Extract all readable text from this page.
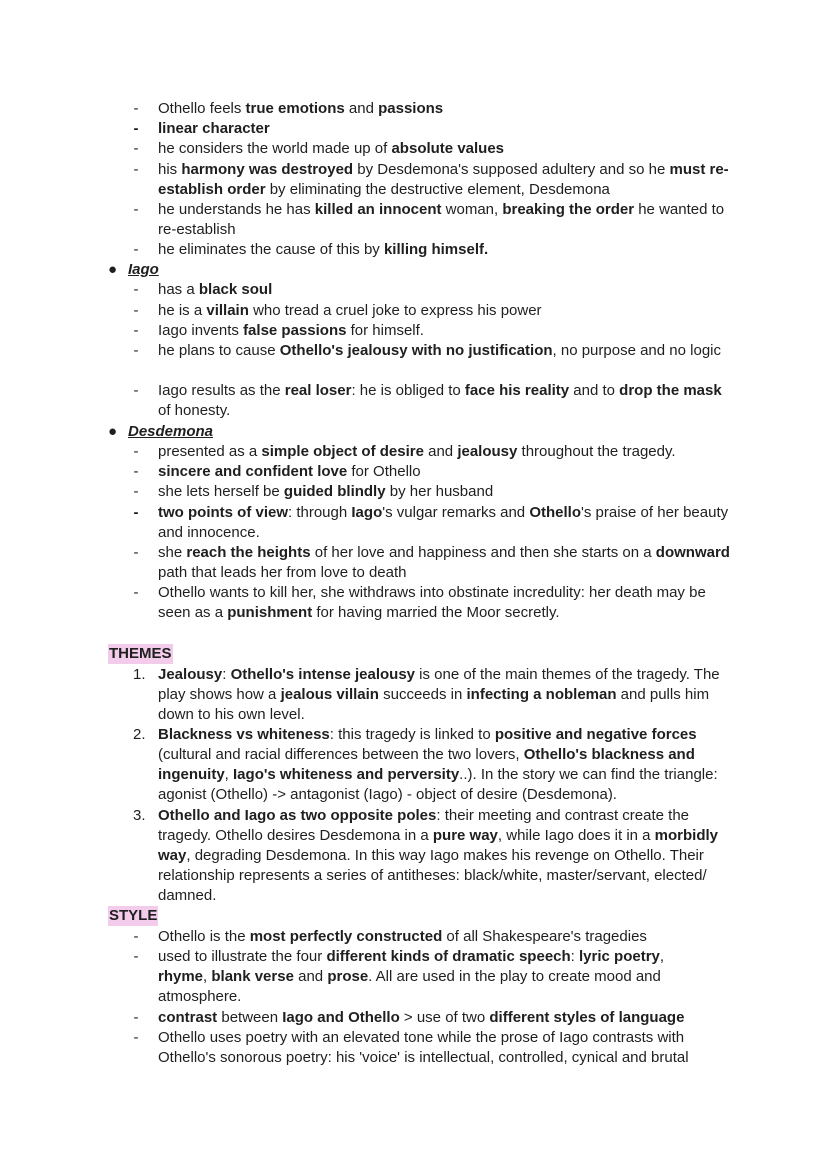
- Othello feels true emotions and passions
- linear character
- he considers the world made up of absolute values
- his harmony was destroyed by Desdemona's supposed adultery and so he must re-establish order by eliminating the destructive element, Desdemona
- he understands he has killed an innocent woman, breaking the order he wanted to re-establish
- he eliminates the cause of this by killing himself.
● Iago
- has a black soul
- he is a villain who tread a cruel joke to express his power
- Iago invents false passions for himself.
- he plans to cause Othello's jealousy with no justification, no purpose and no logic
- Iago results as the real loser: he is obliged to face his reality and to drop the mask of honesty.
● Desdemona
- presented as a simple object of desire and jealousy throughout the tragedy.
- sincere and confident love for Othello
- she lets herself be guided blindly by her husband
- two points of view: through Iago's vulgar remarks and Othello's praise of her beauty and innocence.
- she reach the heights of her love and happiness and then she starts on a downward path that leads her from love to death
- Othello wants to kill her, she withdraws into obstinate incredulity: her death may be seen as a punishment for having married the Moor secretly.
THEMES
1. Jealousy: Othello's intense jealousy is one of the main themes of the tragedy. The play shows how a jealous villain succeeds in infecting a nobleman and pulls him down to his own level.
2. Blackness vs whiteness: this tragedy is linked to positive and negative forces (cultural and racial differences between the two lovers, Othello's blackness and ingenuity, Iago's whiteness and perversity..). In the story we can find the triangle: agonist (Othello) -> antagonist (Iago) - object of desire (Desdemona).
3. Othello and Iago as two opposite poles: their meeting and contrast create the tragedy. Othello desires Desdemona in a pure way, while Iago does it in a morbidly way, degrading Desdemona. In this way Iago makes his revenge on Othello. Their relationship represents a series of antitheses: black/white, master/servant, elected/ damned.
STYLE
- Othello is the most perfectly constructed of all Shakespeare's tragedies
- used to illustrate the four different kinds of dramatic speech: lyric poetry, rhyme, blank verse and prose. All are used in the play to create mood and atmosphere.
- contrast between Iago and Othello > use of two different styles of language
- Othello uses poetry with an elevated tone while the prose of Iago contrasts with Othello's sonorous poetry: his 'voice' is intellectual, controlled, cynical and brutal
